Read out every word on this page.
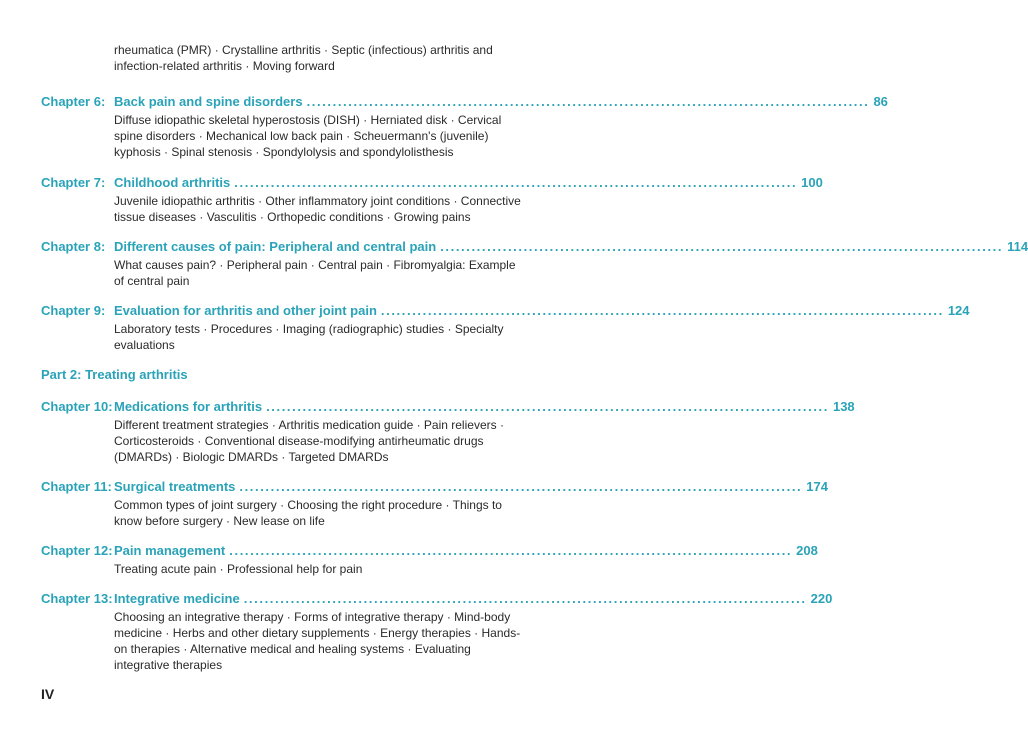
rheumatica (PMR) · Crystalline arthritis · Septic (infectious) arthritis and infection-related arthritis · Moving forward
Chapter 6: Back pain and spine disorders ............................................................................................................ 86
Diffuse idiopathic skeletal hyperostosis (DISH) · Herniated disk · Cervical spine disorders · Mechanical low back pain · Scheuermann's (juvenile) kyphosis · Spinal stenosis · Spondylolysis and spondylolisthesis
Chapter 7: Childhood arthritis ............................................................................................................ 100
Juvenile idiopathic arthritis · Other inflammatory joint conditions · Connective tissue diseases · Vasculitis · Orthopedic conditions · Growing pains
Chapter 8: Different causes of pain: Peripheral and central pain ............................................................................................................ 114
What causes pain? · Peripheral pain · Central pain · Fibromyalgia: Example of central pain
Chapter 9: Evaluation for arthritis and other joint pain ............................................................................................................ 124
Laboratory tests · Procedures · Imaging (radiographic) studies · Specialty evaluations
Part 2: Treating arthritis
Chapter 10: Medications for arthritis ............................................................................................................ 138
Different treatment strategies · Arthritis medication guide · Pain relievers · Corticosteroids · Conventional disease-modifying antirheumatic drugs (DMARDs) · Biologic DMARDs · Targeted DMARDs
Chapter 11: Surgical treatments ............................................................................................................ 174
Common types of joint surgery · Choosing the right procedure · Things to know before surgery · New lease on life
Chapter 12: Pain management ............................................................................................................ 208
Treating acute pain · Professional help for pain
Chapter 13: Integrative medicine ............................................................................................................ 220
Choosing an integrative therapy · Forms of integrative therapy · Mind-body medicine · Herbs and other dietary supplements · Energy therapies · Hands-on therapies · Alternative medical and healing systems · Evaluating integrative therapies
IV
